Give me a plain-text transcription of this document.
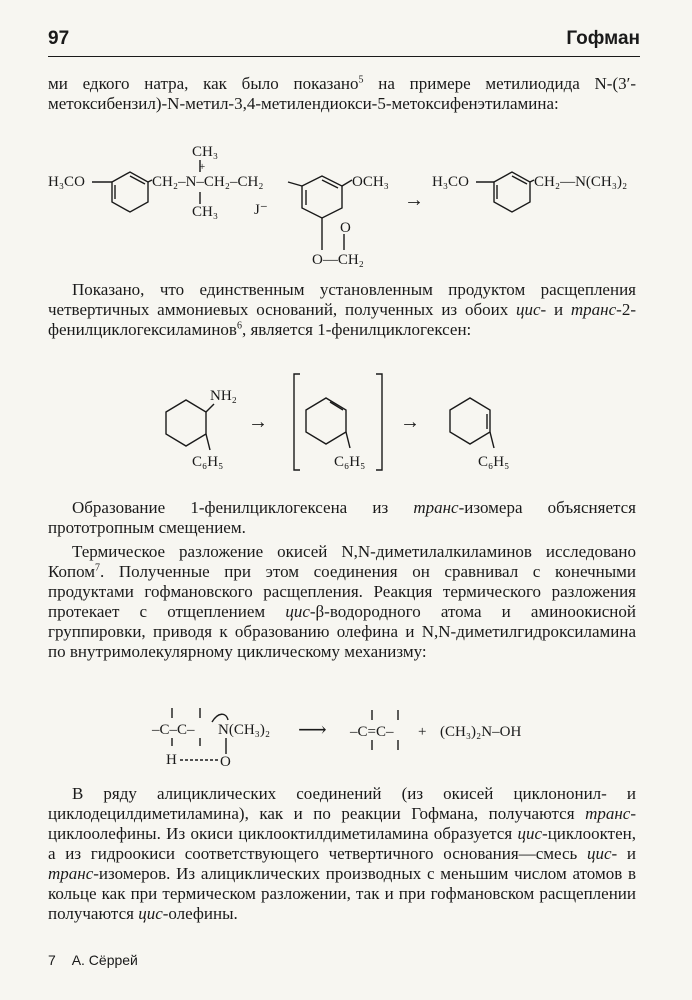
97	Гофман

ми едкого натра, как было показано$^5$ на примере метилиодида N-(3′-метоксибензил)-N-метил-3,4-метилендиокси-5-метоксифенэтиламина:

H₃CO	CH₂–N–CH₂–CH₂
CH₃
+
CH₃ J⁻
OCH₃
O
O—CH₂
→
H₃CO	CH₂—N(CH₃)₂

Показано, что единственным установленным продуктом расщепления четвертичных аммониевых оснований, полученных из обоих цис- и транс-2-фенилциклогексиламинов$^6$, является 1-фенилциклогексен:

NH₂
C₆H₅
→
C₆H₅
→
C₆H₅

Образование 1-фенилциклогексена из транс-изомера объясняется прототропным смещением.

Термическое разложение окисей N,N-диметилалкиламинов исследовано Копом$^7$. Полученные при этом соединения он сравнивал с конечными продуктами гофмановского расщепления. Реакция термического разложения протекает с отщеплением цис-β-водородного атома и аминоокисной группировки, приводя к образованию олефина и N,N-диметилгидроксиламина по внутримолекулярному циклическому механизму:

–C–C– N(CH₃)₂
H	O
⟶ –C=C– + (CH₃)₂N–OH

В ряду алициклических соединений (из окисей циклононил- и циклодецилдиметиламина), как и по реакции Гофмана, получаются транс-циклоолефины. Из окиси циклооктилдиметиламина образуется цис-циклооктен, а из гидроокиси соответствующего четвертичного основания—смесь цис- и транс-изомеров. Из алициклических производных с меньшим числом атомов в кольце как при термическом разложении, так и при гофмановском расщеплении получаются цис-олефины.

7 А. Сёррей
